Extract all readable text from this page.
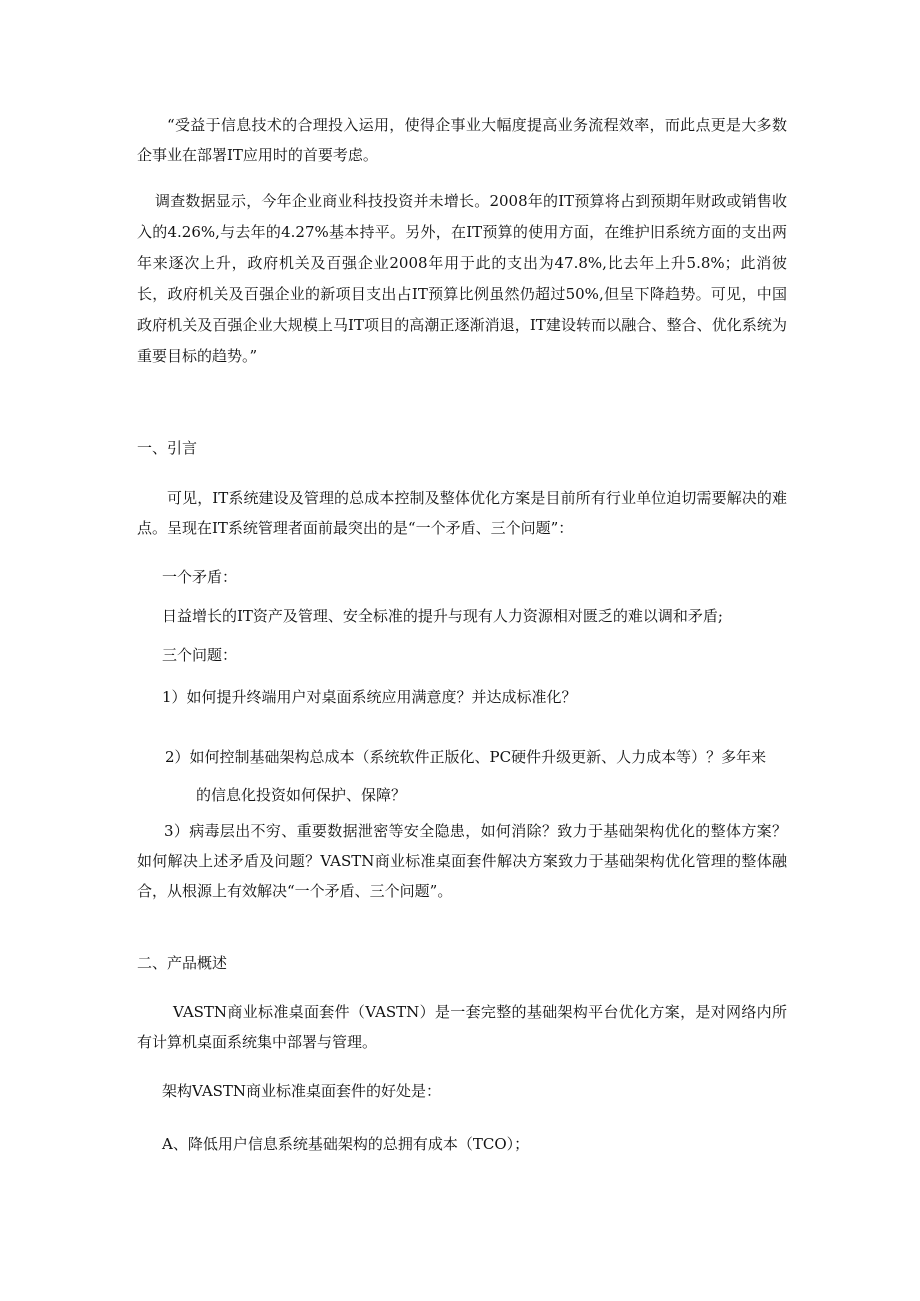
“受益于信息技术的合理投入运用，使得企事业大幅度提高业务流程效率，而此点更是大多数企事业在部署IT应用时的首要考虑。

调查数据显示，今年企业商业科技投资并未增长。2008年的IT预算将占到预期年财政或销售收入的4.26%,与去年的4.27%基本持平。另外，在IT预算的使用方面，在维护旧系统方面的支出两年来逐次上升，政府机关及百强企业2008年用于此的支出为47.8%,比去年上升5.8%；此消彼长，政府机关及百强企业的新项目支出占IT预算比例虽然仍超过50%,但呈下降趋势。可见，中国政府机关及百强企业大规模上马IT项目的高潮正逐渐消退，IT建设转而以融合、整合、优化系统为重要目标的趋势。”

一、引言

可见，IT系统建设及管理的总成本控制及整体优化方案是目前所有行业单位迫切需要解决的难点。呈现在IT系统管理者面前最突出的是“一个矛盾、三个问题”：

一个矛盾：

日益增长的IT资产及管理、安全标准的提升与现有人力资源相对匮乏的难以调和矛盾;

三个问题：

1）如何提升终端用户对桌面系统应用满意度？并达成标准化？

2）如何控制基础架构总成本（系统软件正版化、PC硬件升级更新、人力成本等）？多年来

的信息化投资如何保护、保障？

3）病毒层出不穷、重要数据泄密等安全隐患，如何消除？致力于基础架构优化的整体方案？如何解决上述矛盾及问题？VASTN商业标准桌面套件解决方案致力于基础架构优化管理的整体融合，从根源上有效解决“一个矛盾、三个问题”。

二、产品概述

VASTN商业标准桌面套件（VASTN）是一套完整的基础架构平台优化方案，是对网络内所有计算机桌面系统集中部署与管理。

架构VASTN商业标准桌面套件的好处是：

A、降低用户信息系统基础架构的总拥有成本（TCO）；
